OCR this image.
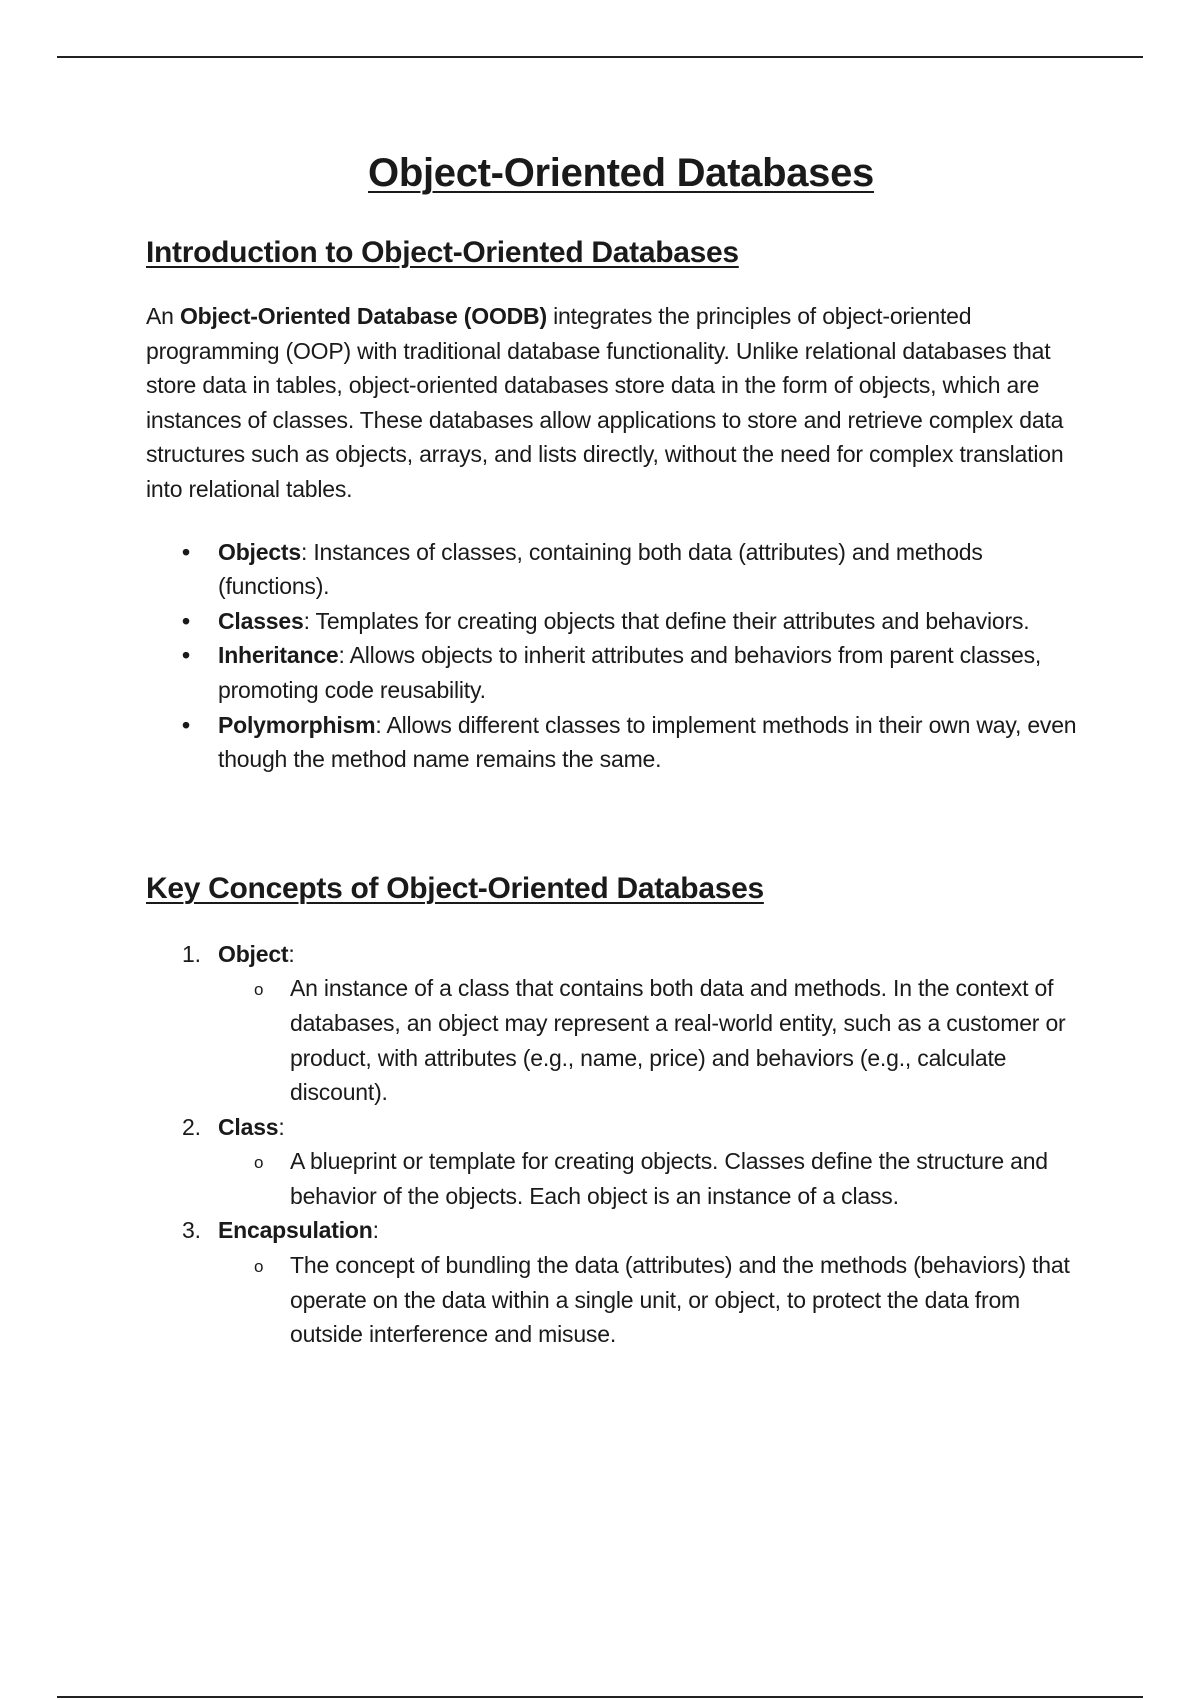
Object-Oriented Databases
Introduction to Object-Oriented Databases

An Object-Oriented Database (OODB) integrates the principles of object-oriented programming (OOP) with traditional database functionality. Unlike relational databases that store data in tables, object-oriented databases store data in the form of objects, which are instances of classes. These databases allow applications to store and retrieve complex data structures such as objects, arrays, and lists directly, without the need for complex translation into relational tables.

• Objects: Instances of classes, containing both data (attributes) and methods (functions).
• Classes: Templates for creating objects that define their attributes and behaviors.
• Inheritance: Allows objects to inherit attributes and behaviors from parent classes, promoting code reusability.
• Polymorphism: Allows different classes to implement methods in their own way, even though the method name remains the same.
Key Concepts of Object-Oriented Databases
1. Object:
o An instance of a class that contains both data and methods. In the context of databases, an object may represent a real-world entity, such as a customer or product, with attributes (e.g., name, price) and behaviors (e.g., calculate discount).
2. Class:
o A blueprint or template for creating objects. Classes define the structure and behavior of the objects. Each object is an instance of a class.
3. Encapsulation:
o The concept of bundling the data (attributes) and the methods (behaviors) that operate on the data within a single unit, or object, to protect the data from outside interference and misuse.
